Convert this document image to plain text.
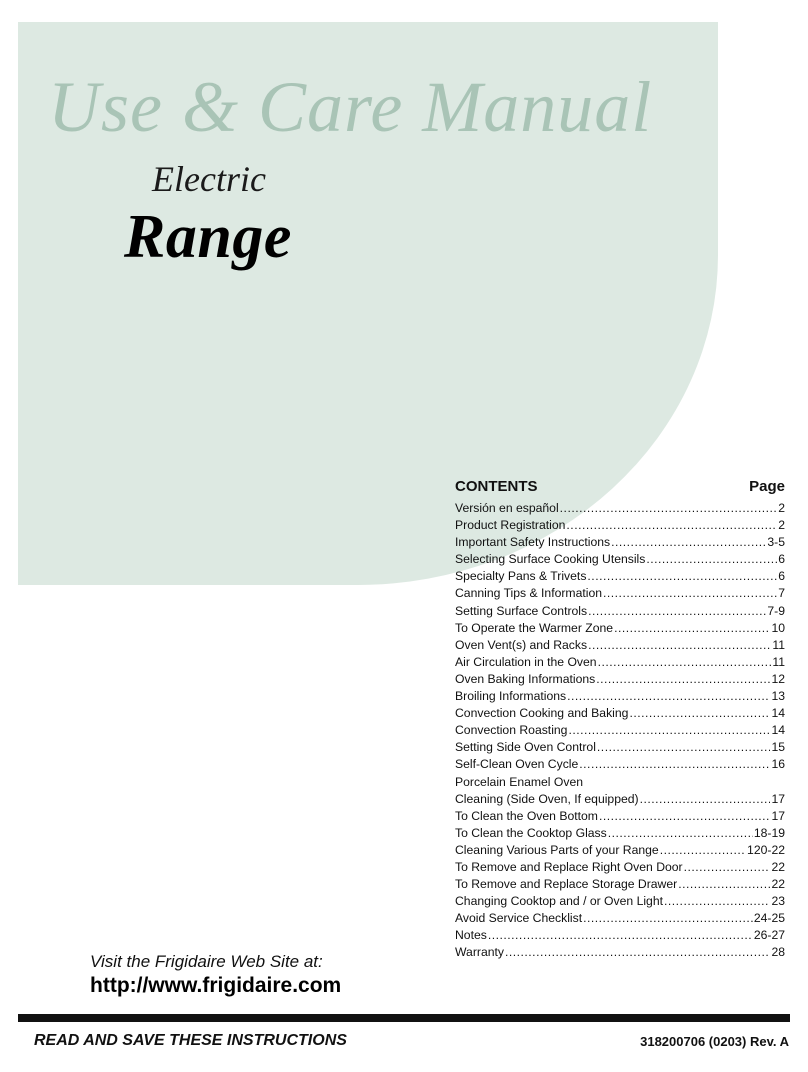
Use & Care Manual
Electric
Range
CONTENTS	Page
Versión en español .....	2
Product Registration .....	2
Important Safety Instructions .....	3-5
Selecting Surface Cooking Utensils .....	6
Specialty Pans & Trivets .....	6
Canning Tips & Information .....	7
Setting Surface Controls .....	7-9
To Operate the Warmer Zone .....	10
Oven Vent(s) and Racks .....	11
Air Circulation in the Oven .....	11
Oven Baking Informations .....	12
Broiling Informations .....	13
Convection Cooking and Baking .....	14
Convection Roasting .....	14
Setting Side Oven Control .....	15
Self-Clean Oven Cycle .....	16
Porcelain Enamel Oven
Cleaning (Side Oven, If equipped) .....	17
To Clean the Oven Bottom .....	17
To Clean the Cooktop Glass .....	18-19
Cleaning Various Parts of your Range .....	120-22
To Remove and Replace Right Oven Door .....	22
To Remove and Replace Storage Drawer .....	22
Changing Cooktop and / or Oven Light .....	23
Avoid Service Checklist .....	24-25
Notes .....	26-27
Warranty .....	28
Visit the Frigidaire Web Site at:
http://www.frigidaire.com
READ AND SAVE THESE INSTRUCTIONS	318200706 (0203) Rev. A
